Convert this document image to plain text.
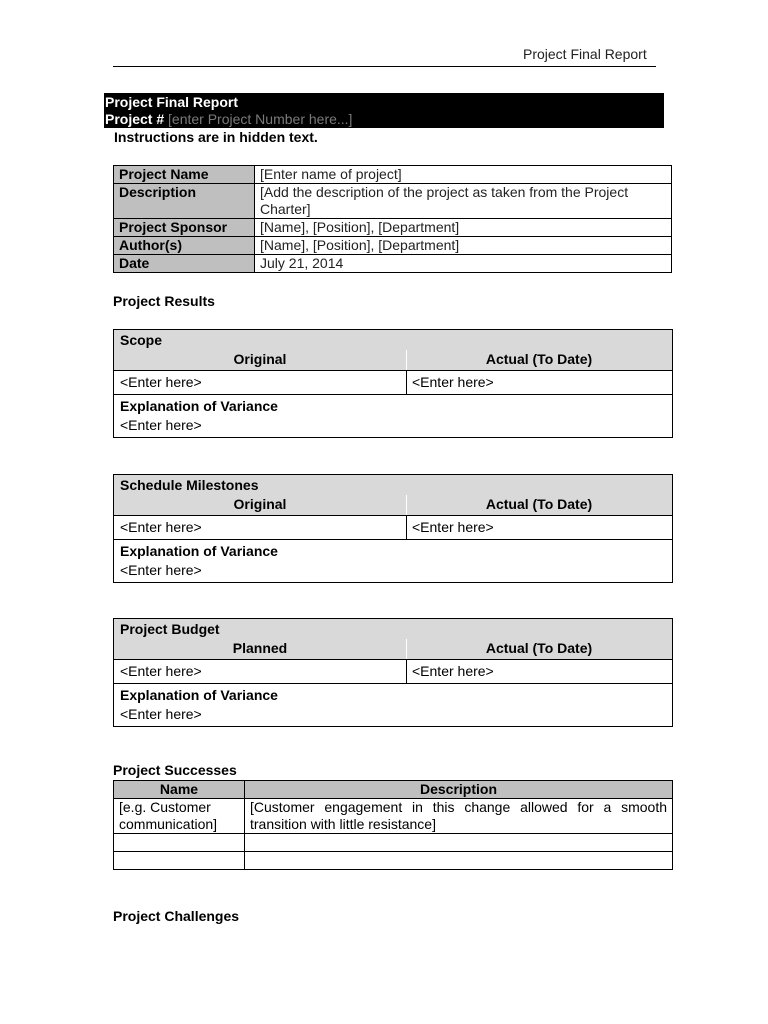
Project Final Report
Project Final Report
Project # [enter Project Number here...]
Instructions are in hidden text.
Project Name	[Enter name of project]
Description	[Add the description of the project as taken from the Project Charter]
Project Sponsor	[Name], [Position], [Department]
Author(s)	[Name], [Position], [Department]
Date	July 21, 2014
Project Results
Scope
Original	Actual (To Date)
<Enter here>	<Enter here>
Explanation of Variance
<Enter here>
Schedule Milestones
Original	Actual (To Date)
<Enter here>	<Enter here>
Explanation of Variance
<Enter here>
Project Budget
Planned	Actual (To Date)
<Enter here>	<Enter here>
Explanation of Variance
<Enter here>
Project Successes
Name	Description
[e.g. Customer communication]	[Customer engagement in this change allowed for a smooth transition with little resistance]

Project Challenges
